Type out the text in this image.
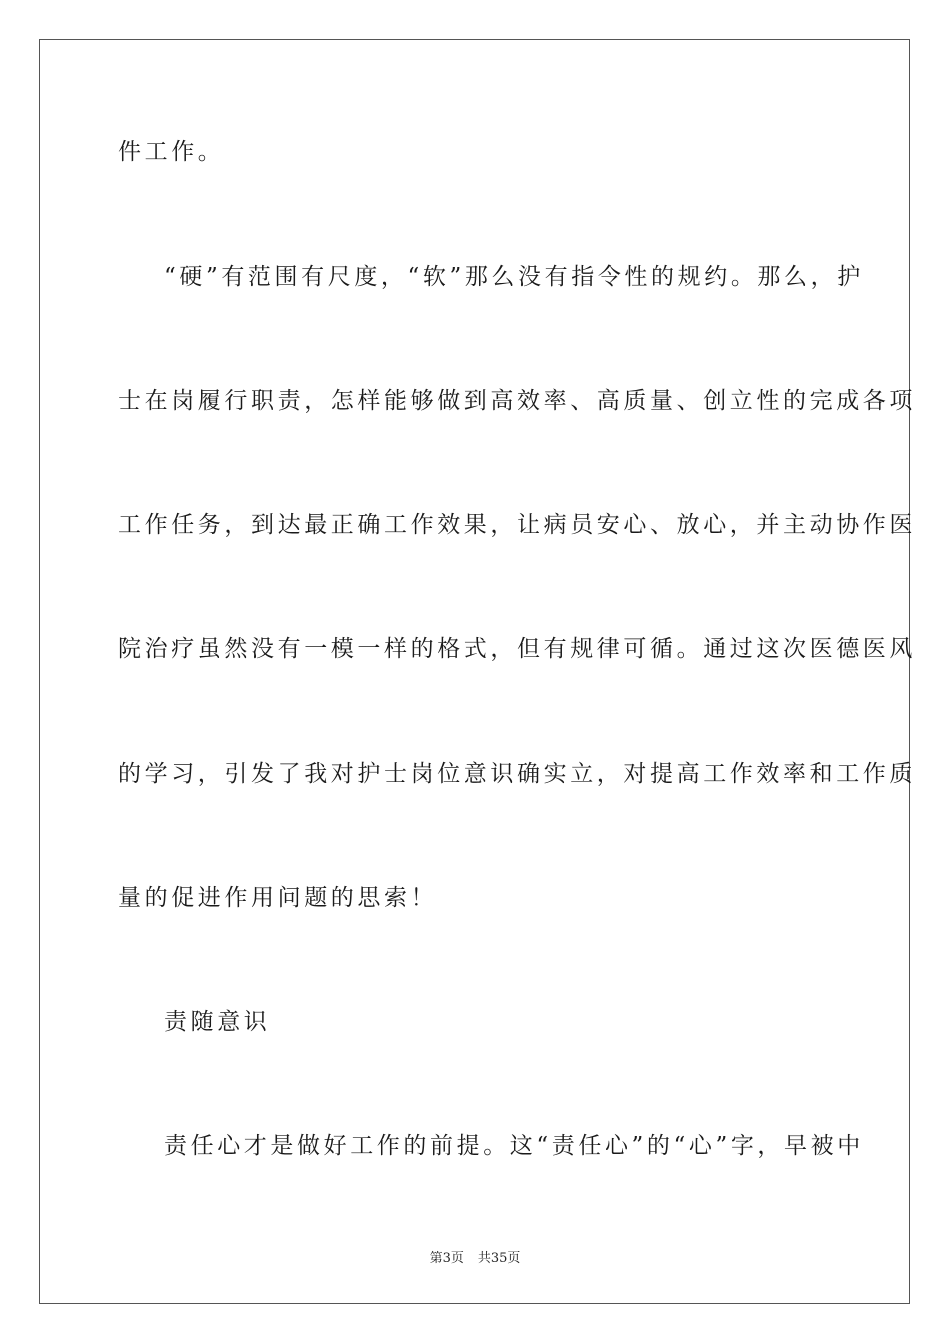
件工作。
“硬”有范围有尺度，“软”那么没有指令性的规约。那么，护
士在岗履行职责，怎样能够做到高效率、高质量、创立性的完成各项
工作任务，到达最正确工作效果，让病员安心、放心，并主动协作医
院治疗虽然没有一模一样的格式，但有规律可循。通过这次医德医风
的学习，引发了我对护士岗位意识确实立，对提高工作效率和工作质
量的促进作用问题的思索！
责随意识
责任心才是做好工作的前提。这“责任心”的“心”字，早被中
第3页 共35页
